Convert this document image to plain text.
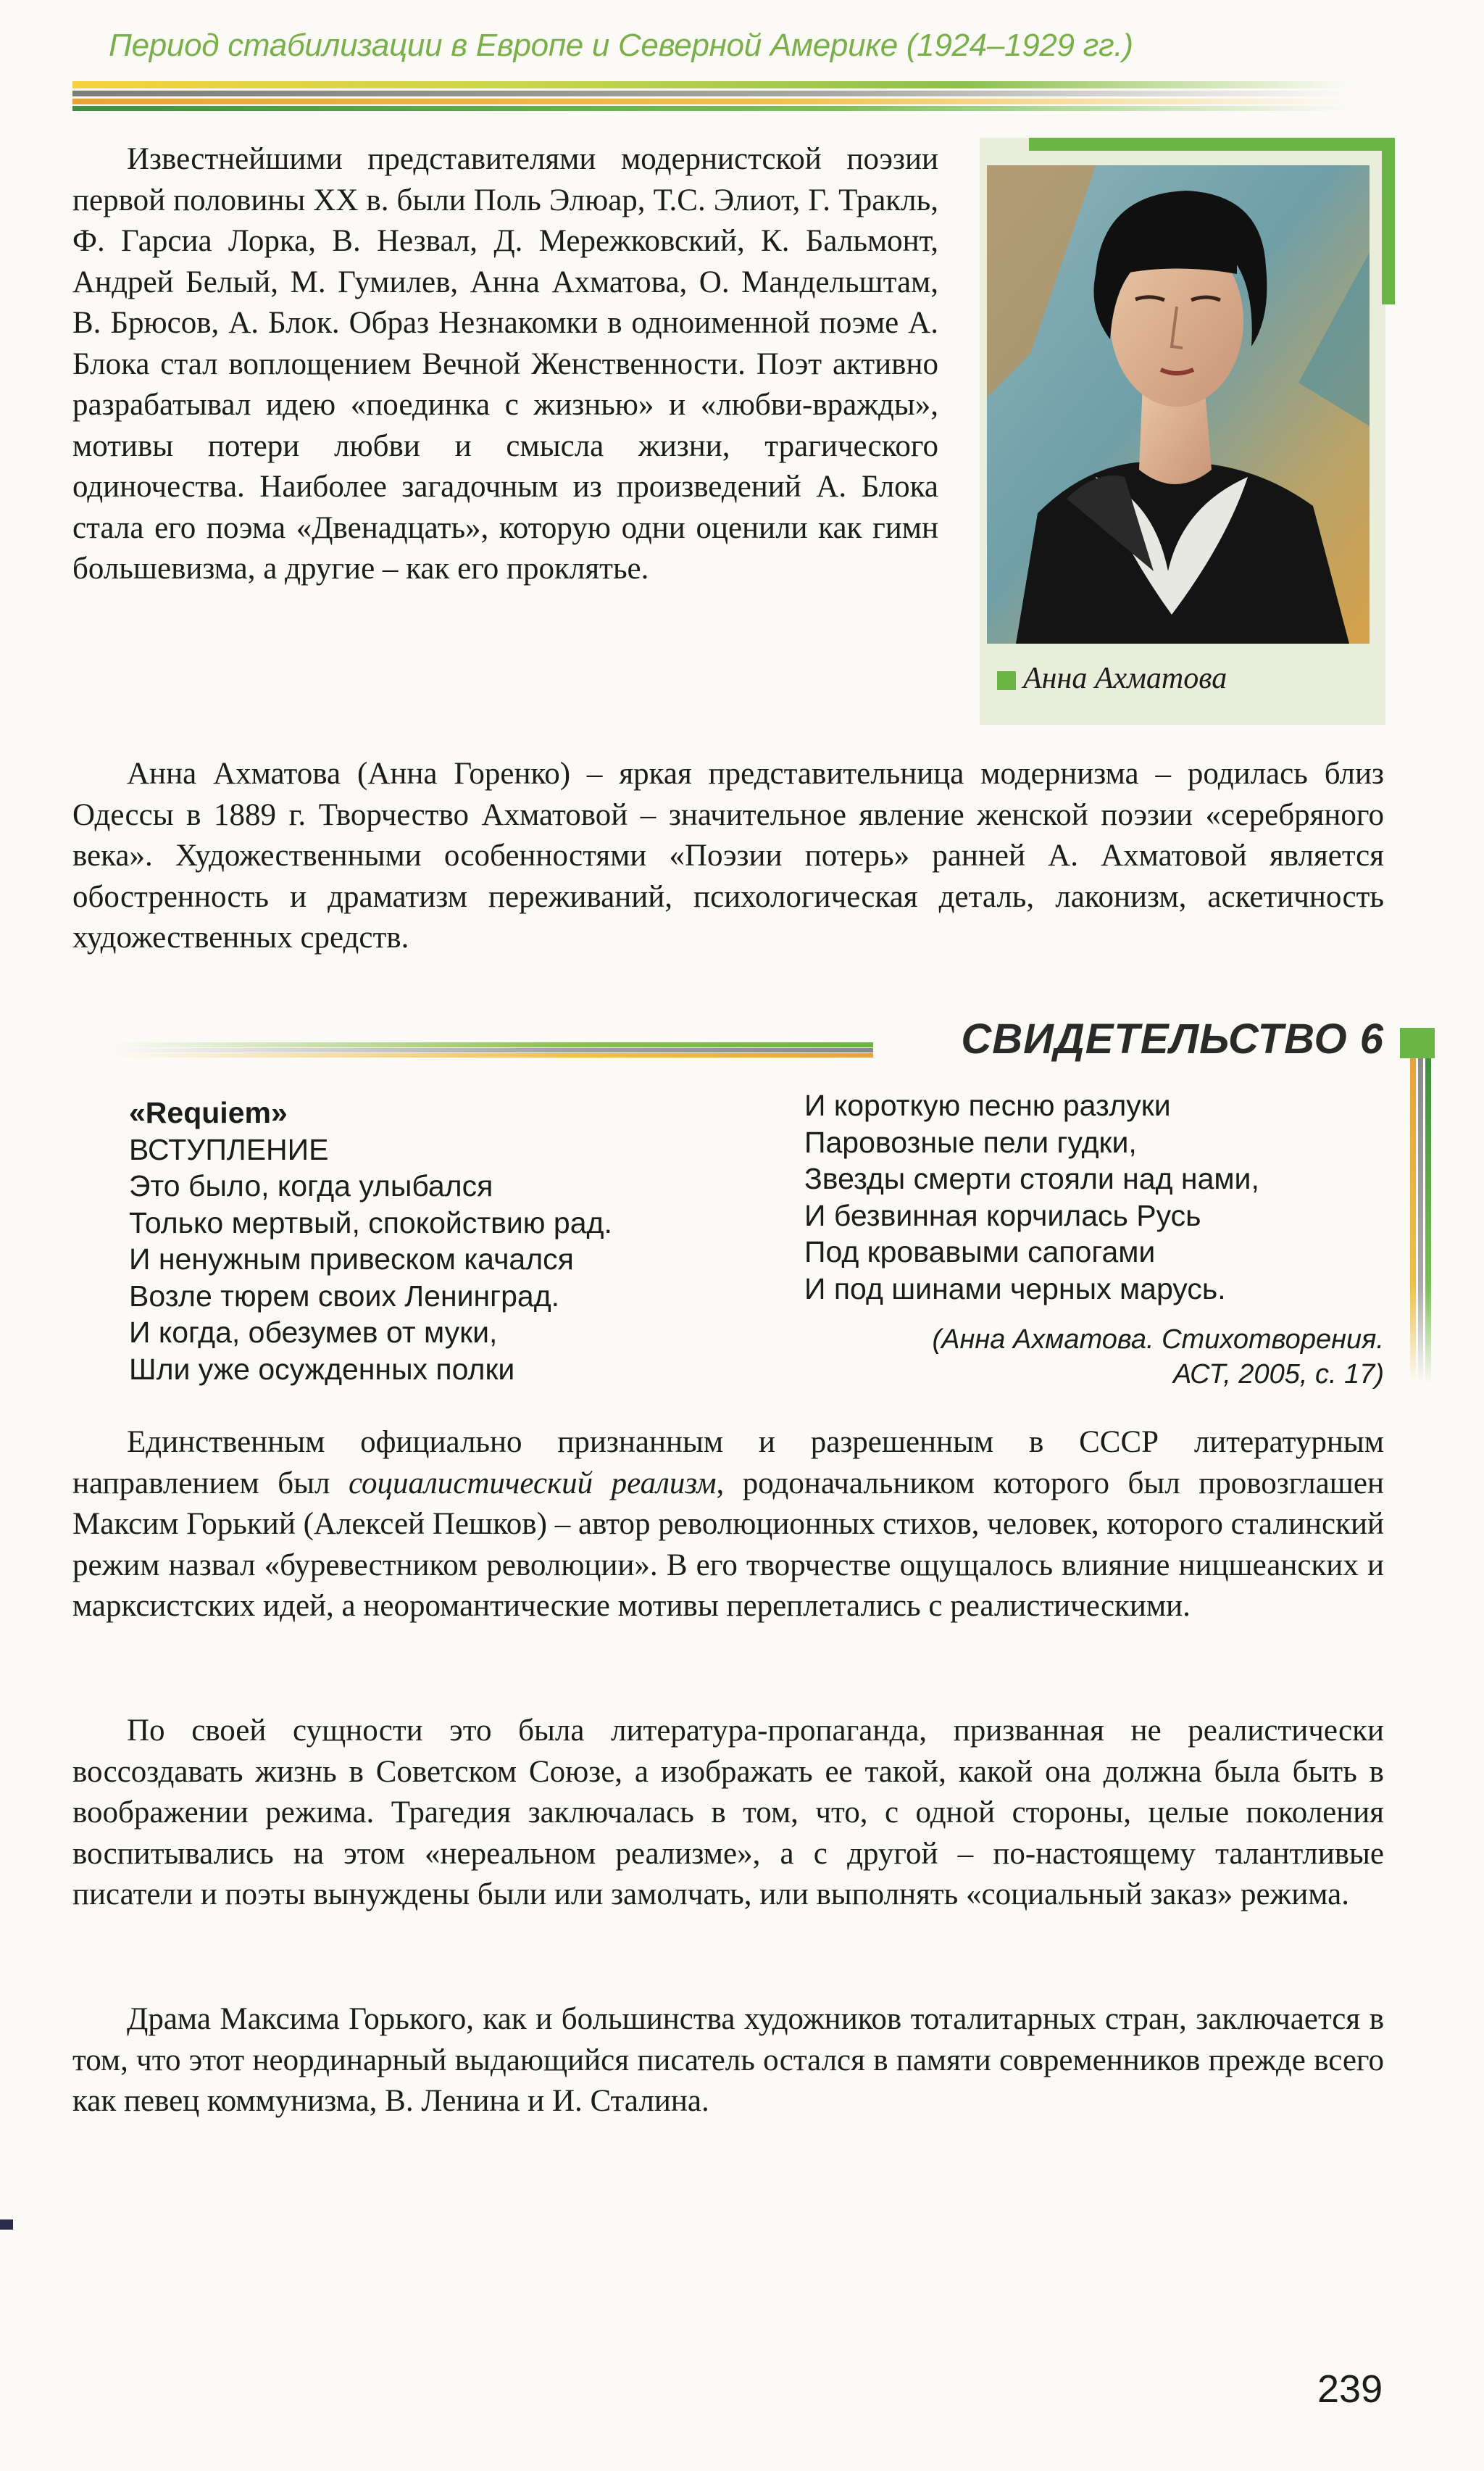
Период стабилизации в Европе и Северной Америке (1924–1929 гг.)

Известнейшими представителями модернистской поэзии первой половины XX в. были Поль Элюар, Т.С. Элиот, Г. Тракль, Ф. Гарсиа Лорка, В. Незвал, Д. Мережковский, К. Бальмонт, Андрей Белый, М. Гумилев, Анна Ахматова, О. Мандельштам, В. Брюсов, А. Блок. Образ Незнакомки в одноименной поэме А. Блока стал воплощением Вечной Женственности. Поэт активно разрабатывал идею «поединка с жизнью» и «любви-вражды», мотивы потери любви и смысла жизни, трагического одиночества. Наиболее загадочным из произведений А. Блока стала его поэма «Двенадцать», которую одни оценили как гимн большевизма, а другие – как его проклятье.

Анна Ахматова

Анна Ахматова (Анна Горенко) – яркая представительница модернизма – родилась близ Одессы в 1889 г. Творчество Ахматовой – значительное явление женской поэзии «серебряного века». Художественными особенностями «Поэзии потерь» ранней А. Ахматовой является обостренность и драматизм переживаний, психологическая деталь, лаконизм, аскетичность художественных средств.

СВИДЕТЕЛЬСТВО 6
«Requiem»
ВСТУПЛЕНИЕ
Это было, когда улыбался
Только мертвый, спокойствию рад.
И ненужным привеском качался
Возле тюрем своих Ленинград.
И когда, обезумев от муки,
Шли уже осужденных полки
И короткую песню разлуки
Паровозные пели гудки,
Звезды смерти стояли над нами,
И безвинная корчилась Русь
Под кровавыми сапогами
И под шинами черных марусь.
(Анна Ахматова. Стихотворения.
АСТ, 2005, с. 17)

Единственным официально признанным и разрешенным в СССР литературным направлением был социалистический реализм, родоначальником которого был провозглашен Максим Горький (Алексей Пешков) – автор революционных стихов, человек, которого сталинский режим назвал «буревестником революции». В его творчестве ощущалось влияние ницшеанских и марксистских идей, а неоромантические мотивы переплетались с реалистическими.

По своей сущности это была литература-пропаганда, призванная не реалистически воссоздавать жизнь в Советском Союзе, а изображать ее такой, какой она должна была быть в воображении режима. Трагедия заключалась в том, что, с одной стороны, целые поколения воспитывались на этом «нереальном реализме», а с другой – по-настоящему талантливые писатели и поэты вынуждены были или замолчать, или выполнять «социальный заказ» режима.

Драма Максима Горького, как и большинства художников тоталитарных стран, заключается в том, что этот неординарный выдающийся писатель остался в памяти современников прежде всего как певец коммунизма, В. Ленина и И. Сталина.

239
